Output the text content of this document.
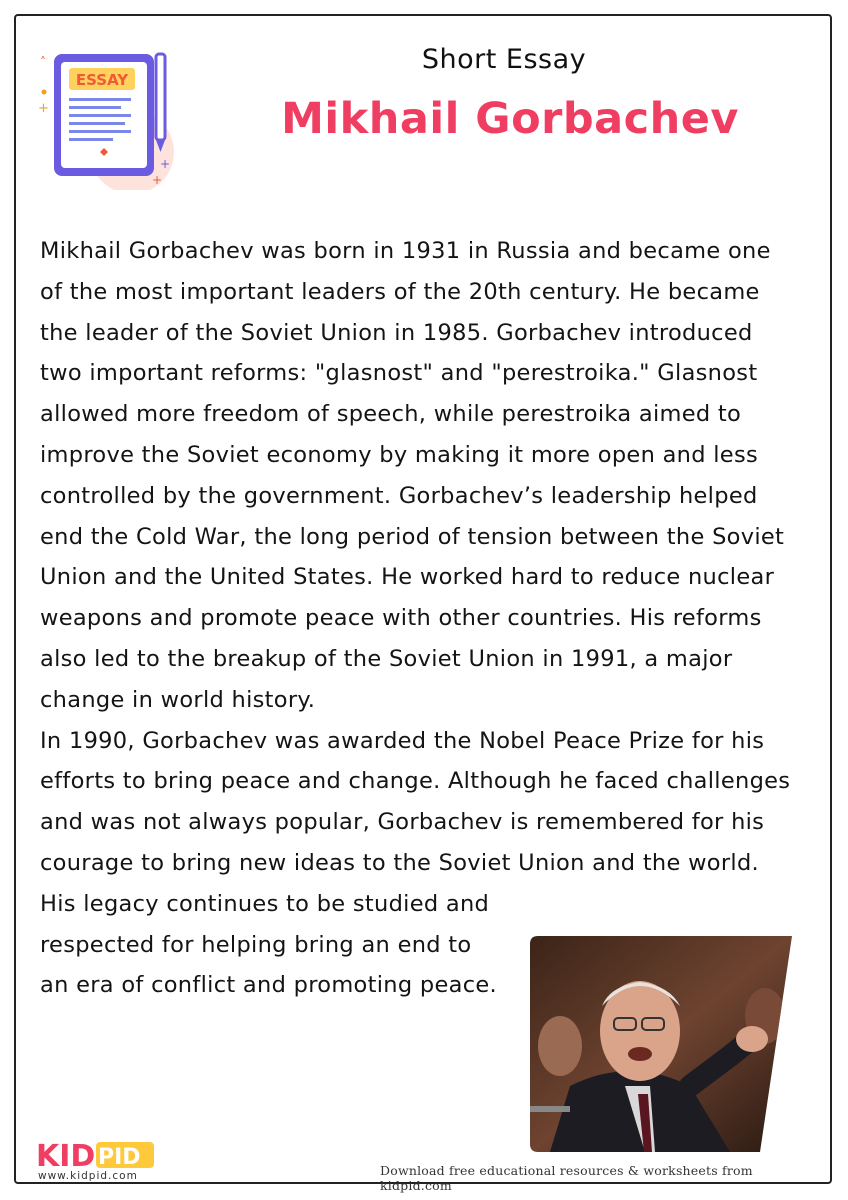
ESSAY
˄
+
+
+
Short Essay
Mikhail Gorbachev

Mikhail Gorbachev was born in 1931 in Russia and became one of the most important leaders of the 20th century. He became the leader of the Soviet Union in 1985. Gorbachev introduced two important reforms: "glasnost" and "perestroika." Glasnost allowed more freedom of speech, while perestroika aimed to improve the Soviet economy by making it more open and less controlled by the government. Gorbachev’s leadership helped end the Cold War, the long period of tension between the Soviet Union and the United States. He worked hard to reduce nuclear weapons and promote peace with other countries. His reforms also led to the breakup of the Soviet Union in 1991, a major change in world history.

In 1990, Gorbachev was awarded the Nobel Peace Prize for his efforts to bring peace and change. Although he faced challenges and was not always popular, Gorbachev is remembered for his courage to bring new ideas to the Soviet Union and the world.

His legacy continues to be studied and respected for helping bring an end to an era of conflict and promoting peace.

KID PID
www.kidpid.com	Download free educational resources & worksheets from kidpid.com
